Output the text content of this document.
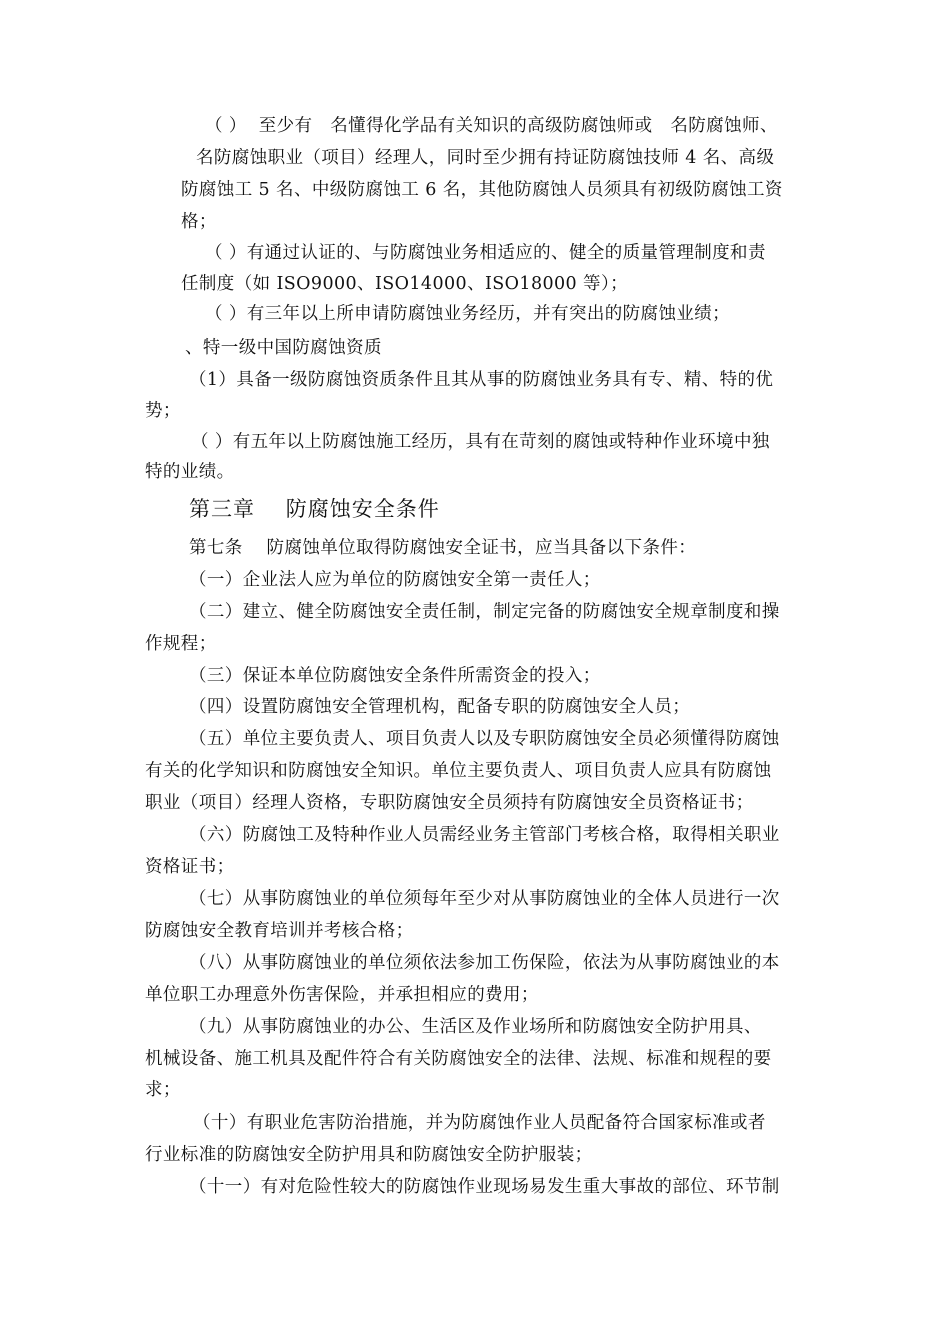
（ ）  至少有   名懂得化学品有关知识的高级防腐蚀师或   名防腐蚀师、
名防腐蚀职业（项目）经理人，同时至少拥有持证防腐蚀技师 4 名、高级
防腐蚀工 5 名、中级防腐蚀工 6 名，其他防腐蚀人员须具有初级防腐蚀工资
格；
（ ）有通过认证的、与防腐蚀业务相适应的、健全的质量管理制度和责
任制度（如 ISO9000、ISO14000、ISO18000 等）；
（ ）有三年以上所申请防腐蚀业务经历，并有突出的防腐蚀业绩；
、特一级中国防腐蚀资质
（1）具备一级防腐蚀资质条件且其从事的防腐蚀业务具有专、精、特的优
势；
（ ）有五年以上防腐蚀施工经历，具有在苛刻的腐蚀或特种作业环境中独
特的业绩。
第三章    防腐蚀安全条件
第七条    防腐蚀单位取得防腐蚀安全证书，应当具备以下条件：
（一）企业法人应为单位的防腐蚀安全第一责任人；
（二）建立、健全防腐蚀安全责任制，制定完备的防腐蚀安全规章制度和操
作规程；
（三）保证本单位防腐蚀安全条件所需资金的投入；
（四）设置防腐蚀安全管理机构，配备专职的防腐蚀安全人员；
（五）单位主要负责人、项目负责人以及专职防腐蚀安全员必须懂得防腐蚀
有关的化学知识和防腐蚀安全知识。单位主要负责人、项目负责人应具有防腐蚀
职业（项目）经理人资格，专职防腐蚀安全员须持有防腐蚀安全员资格证书；
（六）防腐蚀工及特种作业人员需经业务主管部门考核合格，取得相关职业
资格证书；
（七）从事防腐蚀业的单位须每年至少对从事防腐蚀业的全体人员进行一次
防腐蚀安全教育培训并考核合格；
（八）从事防腐蚀业的单位须依法参加工伤保险，依法为从事防腐蚀业的本
单位职工办理意外伤害保险，并承担相应的费用；
（九）从事防腐蚀业的办公、生活区及作业场所和防腐蚀安全防护用具、
机械设备、施工机具及配件符合有关防腐蚀安全的法律、法规、标准和规程的要
求；
（十）有职业危害防治措施，并为防腐蚀作业人员配备符合国家标准或者
行业标准的防腐蚀安全防护用具和防腐蚀安全防护服装；
（十一）有对危险性较大的防腐蚀作业现场易发生重大事故的部位、环节制
